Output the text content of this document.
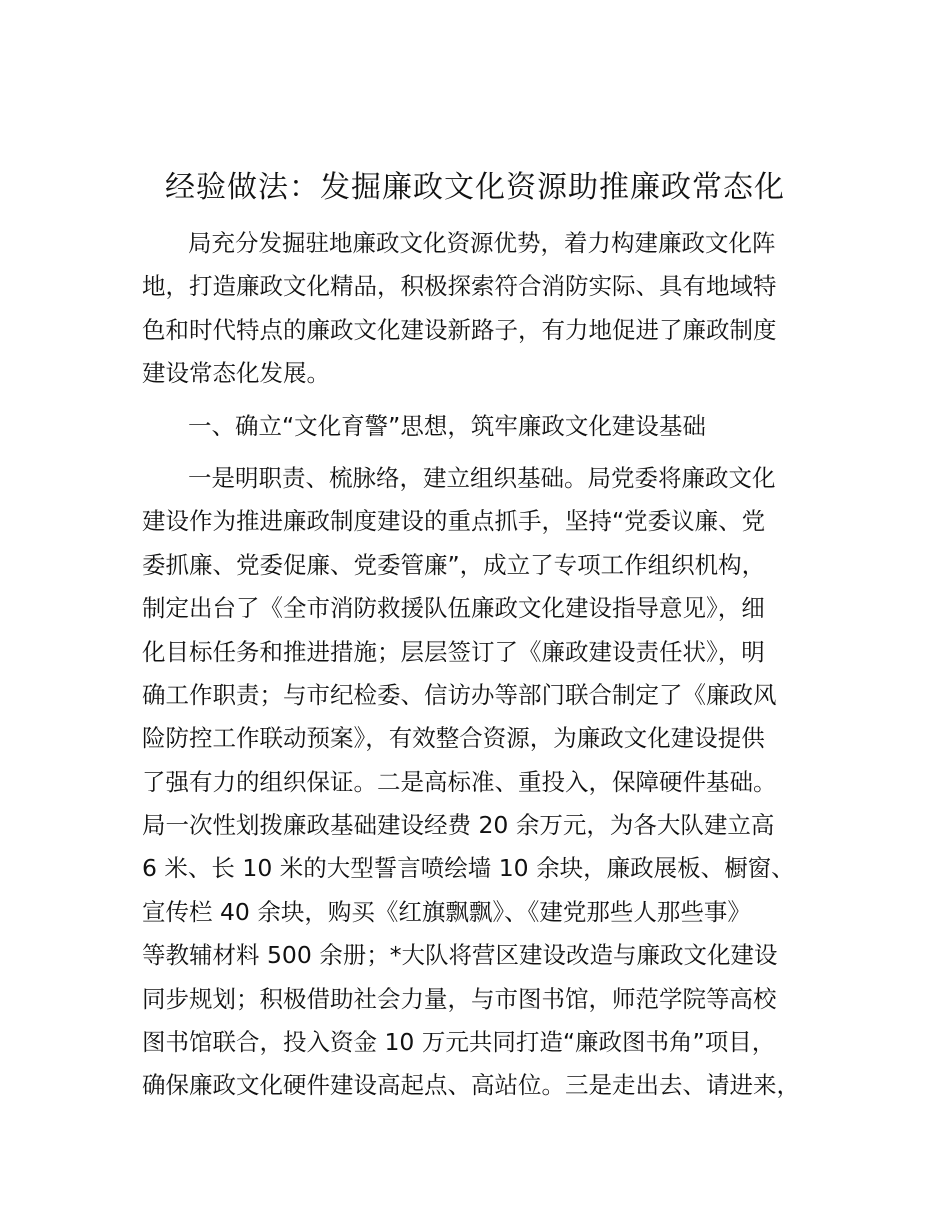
经验做法：发掘廉政文化资源助推廉政常态化
局充分发掘驻地廉政文化资源优势，着力构建廉政文化阵
地，打造廉政文化精品，积极探索符合消防实际、具有地域特
色和时代特点的廉政文化建设新路子，有力地促进了廉政制度
建设常态化发展。
一、确立“文化育警”思想，筑牢廉政文化建设基础
一是明职责、梳脉络，建立组织基础。局党委将廉政文化
建设作为推进廉政制度建设的重点抓手，坚持“党委议廉、党
委抓廉、党委促廉、党委管廉”，成立了专项工作组织机构，
制定出台了《全市消防救援队伍廉政文化建设指导意见》，细
化目标任务和推进措施；层层签订了《廉政建设责任状》，明
确工作职责；与市纪检委、信访办等部门联合制定了《廉政风
险防控工作联动预案》，有效整合资源，为廉政文化建设提供
了强有力的组织保证。二是高标准、重投入，保障硬件基础。
局一次性划拨廉政基础建设经费 20 余万元，为各大队建立高
6 米、长 10 米的大型誓言喷绘墙 10 余块，廉政展板、橱窗、
宣传栏 40 余块，购买《红旗飘飘》、《建党那些人那些事》
等教辅材料 500 余册；*大队将营区建设改造与廉政文化建设
同步规划；积极借助社会力量，与市图书馆，师范学院等高校
图书馆联合，投入资金 10 万元共同打造“廉政图书角”项目，
确保廉政文化硬件建设高起点、高站位。三是走出去、请进来，
